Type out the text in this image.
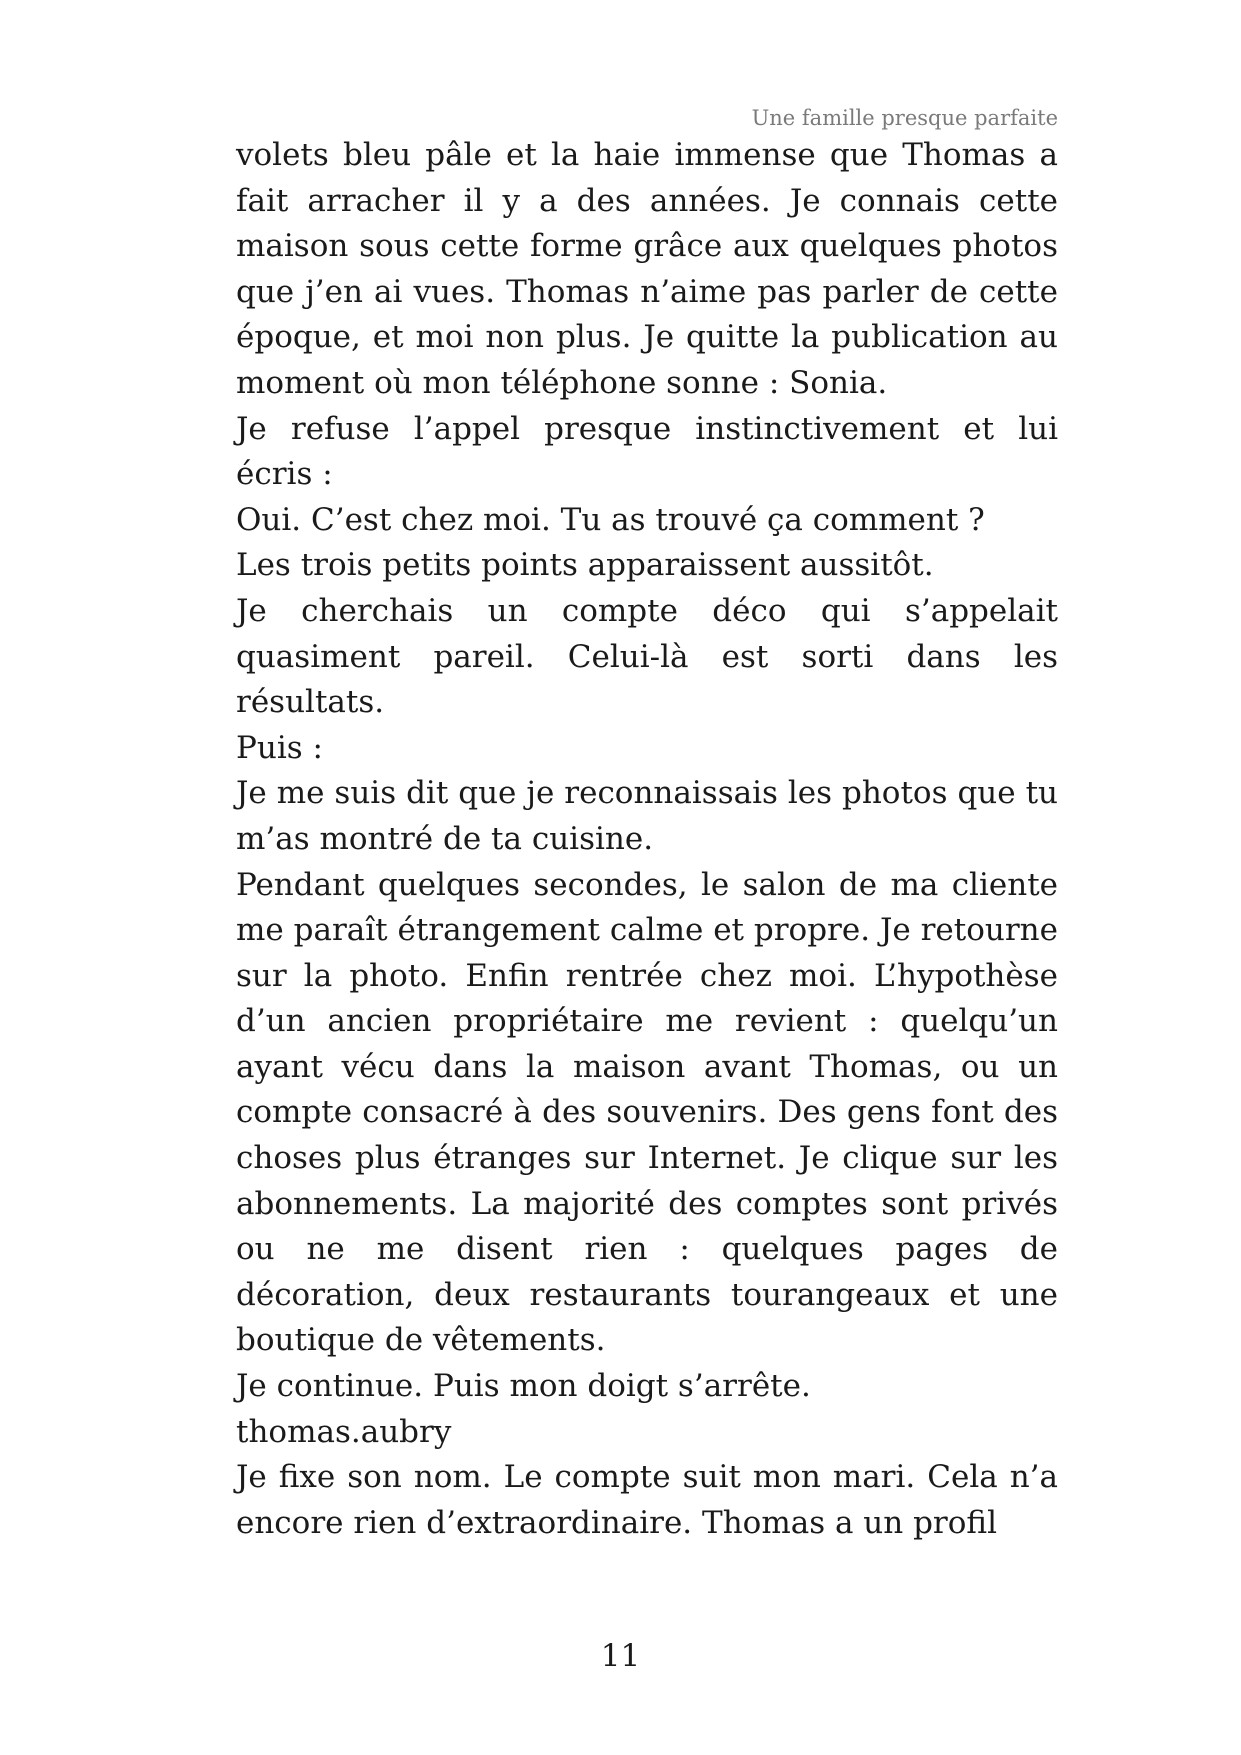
Une famille presque parfaite

volets bleu pâle et la haie immense que Thomas a fait arracher il y a des années. Je connais cette maison sous cette forme grâce aux quelques photos que j’en ai vues. Thomas n’aime pas parler de cette époque, et moi non plus. Je quitte la publication au moment où mon téléphone sonne : Sonia.

Je refuse l’appel presque instinctivement et lui écris :

Oui. C’est chez moi. Tu as trouvé ça comment ?

Les trois petits points apparaissent aussitôt.

Je cherchais un compte déco qui s’appelait quasiment pareil. Celui-là est sorti dans les résultats.

Puis :

Je me suis dit que je reconnaissais les photos que tu m’as montré de ta cuisine.

Pendant quelques secondes, le salon de ma cliente me paraît étrangement calme et propre. Je retourne sur la photo. Enfin rentrée chez moi. L’hypothèse d’un ancien propriétaire me revient : quelqu’un ayant vécu dans la maison avant Thomas, ou un compte consacré à des souvenirs. Des gens font des choses plus étranges sur Internet. Je clique sur les abonnements. La majorité des comptes sont privés ou ne me disent rien : quelques pages de décoration, deux restaurants tourangeaux et une boutique de vêtements.

Je continue. Puis mon doigt s’arrête.

thomas.aubry

Je fixe son nom. Le compte suit mon mari. Cela n’a encore rien d’extraordinaire. Thomas a un profil

11
